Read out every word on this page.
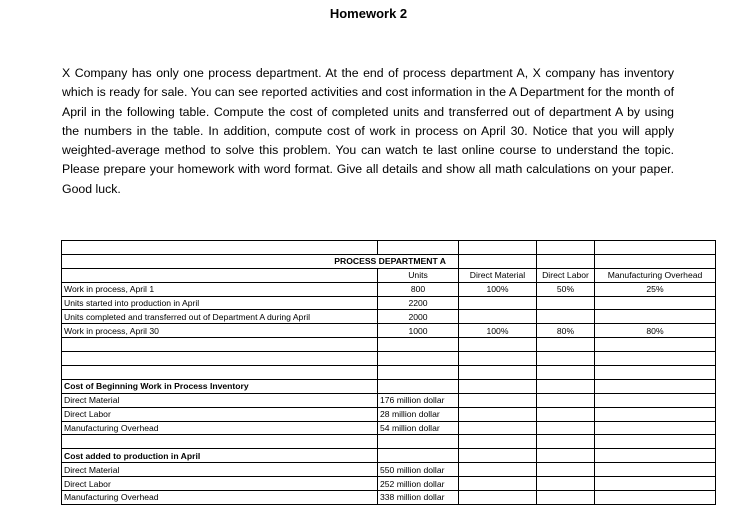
Homework 2
X Company has only one process department. At the end of process department A, X company has inventory which is ready for sale. You can see reported activities and cost information in the A Department for the month of April in the following table. Compute the cost of completed units and transferred out of department A by using the numbers in the table. In addition, compute cost of work in process on April 30. Notice that you will apply weighted-average method to solve this problem. You can watch te last online course to understand the topic. Please prepare your homework with word format. Give all details and show all math calculations on your paper. Good luck.

PROCESS DEPARTMENT A				
	Units	Direct Material	Direct Labor	Manufacturing Overhead
Work in process, April 1	800	100%	50%	25%
Units started into production in April	2200			
Units completed and transferred out of Department A during April	2000			
Work in process, April 30	1000	100%	80%	80%

Cost of Beginning Work in Process Inventory				
Direct Material	176 million dollar			
Direct Labor	28 million dollar			
Manufacturing Overhead	54 million dollar			

Cost added to production in April				
Direct Material	550 million dollar			
Direct Labor	252 million dollar			
Manufacturing Overhead	338 million dollar			
